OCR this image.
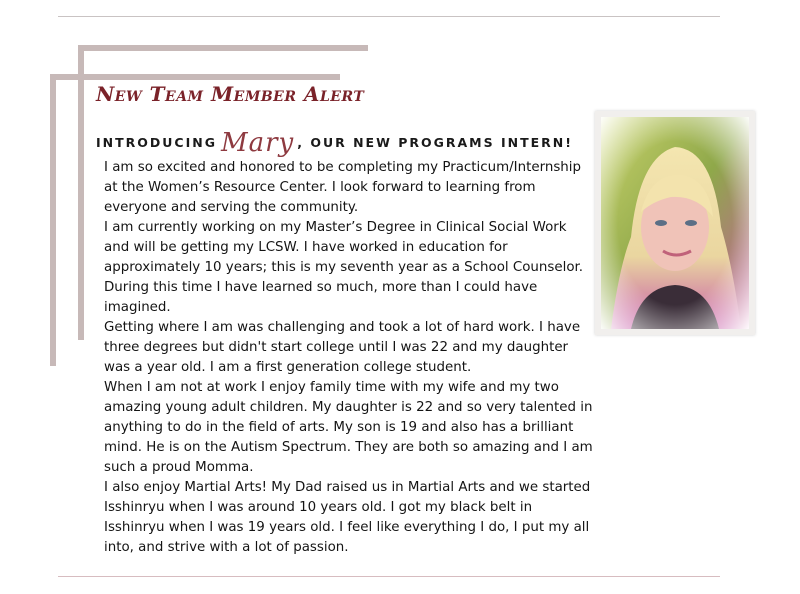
New Team Member Alert
INTRODUCING Mary , OUR NEW PROGRAMS INTERN!

I am so excited and honored to be completing my Practicum/Internship at the Women’s Resource Center. I look forward to learning from everyone and serving the community.

I am currently working on my Master’s Degree in Clinical Social Work and will be getting my LCSW. I have worked in education for approximately 10 years; this is my seventh year as a School Counselor. During this time I have learned so much, more than I could have imagined.

Getting where I am was challenging and took a lot of hard work. I have three degrees but didn't start college until I was 22 and my daughter was a year old. I am a first generation college student.

When I am not at work I enjoy family time with my wife and my two amazing young adult children. My daughter is 22 and so very talented in anything to do in the field of arts. My son is 19 and also has a brilliant mind. He is on the Autism Spectrum. They are both so amazing and I am such a proud Momma.

I also enjoy Martial Arts! My Dad raised us in Martial Arts and we started Isshinryu when I was around 10 years old. I got my black belt in Isshinryu when I was 19 years old. I feel like everything I do, I put my all into, and strive with a lot of passion.
